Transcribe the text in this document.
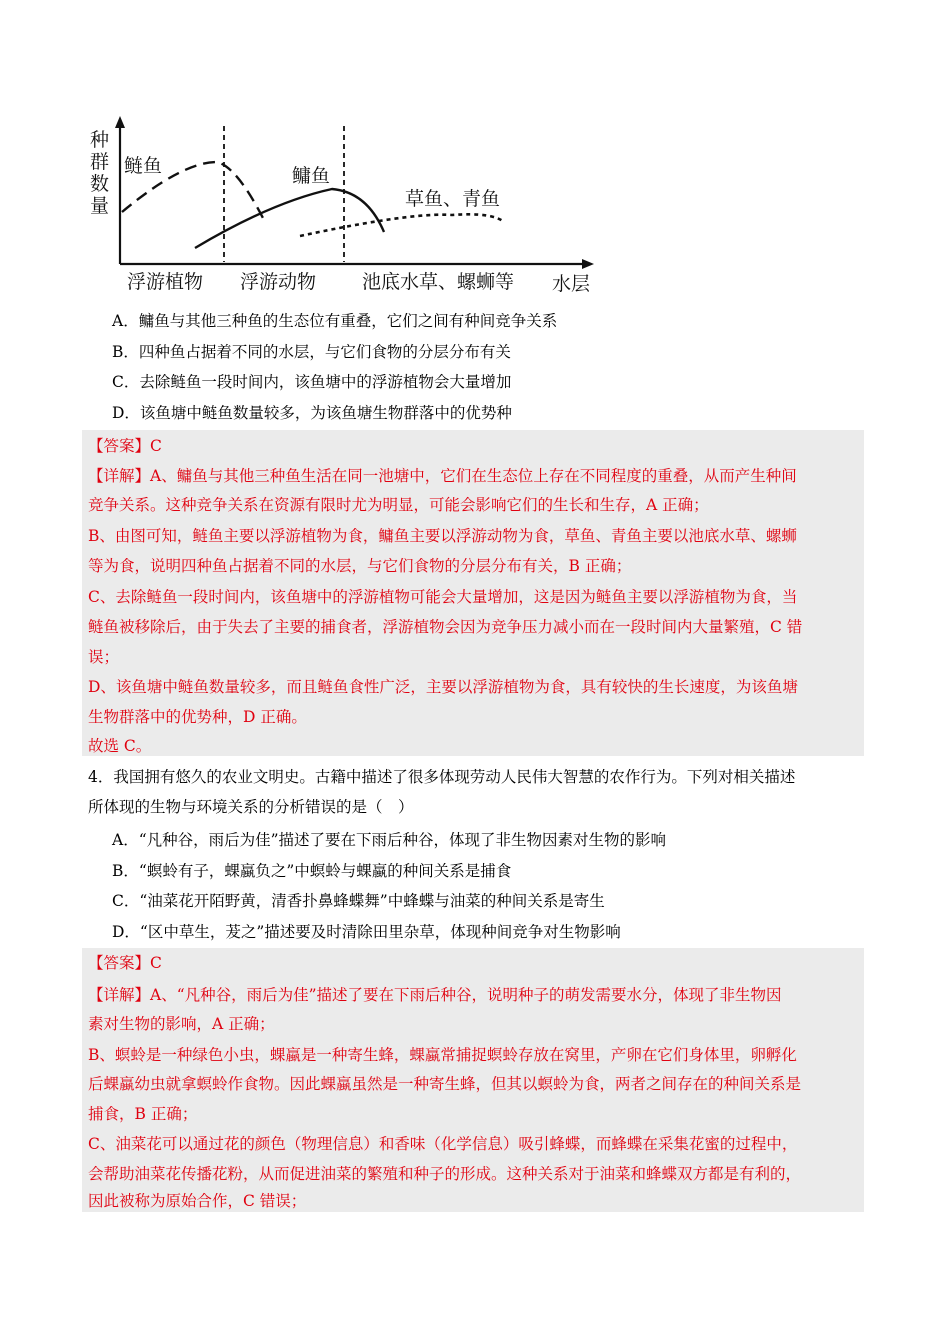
种
群
数
量
鲢鱼	鳙鱼
草鱼、青鱼
浮游植物 浮游动物 池底水草、螺蛳等 水层
A．鳙鱼与其他三种鱼的生态位有重叠，它们之间有种间竞争关系
B．四种鱼占据着不同的水层，与它们食物的分层分布有关
C．去除鲢鱼一段时间内，该鱼塘中的浮游植物会大量增加
D．该鱼塘中鲢鱼数量较多，为该鱼塘生物群落中的优势种
【答案】C
【详解】A、鳙鱼与其他三种鱼生活在同一池塘中，它们在生态位上存在不同程度的重叠，从而产生种间
竞争关系。这种竞争关系在资源有限时尤为明显，可能会影响它们的生长和生存，A 正确；
B、由图可知，鲢鱼主要以浮游植物为食，鳙鱼主要以浮游动物为食，草鱼、青鱼主要以池底水草、螺蛳
等为食，说明四种鱼占据着不同的水层，与它们食物的分层分布有关，B 正确；
C、去除鲢鱼一段时间内，该鱼塘中的浮游植物可能会大量增加，这是因为鲢鱼主要以浮游植物为食，当
鲢鱼被移除后，由于失去了主要的捕食者，浮游植物会因为竞争压力减小而在一段时间内大量繁殖，C 错
误；
D、该鱼塘中鲢鱼数量较多，而且鲢鱼食性广泛，主要以浮游植物为食，具有较快的生长速度，为该鱼塘
生物群落中的优势种，D 正确。
故选 C。
4．我国拥有悠久的农业文明史。古籍中描述了很多体现劳动人民伟大智慧的农作行为。下列对相关描述
所体现的生物与环境关系的分析错误的是（　）
A．“凡种谷，雨后为佳”描述了要在下雨后种谷，体现了非生物因素对生物的影响
B．“螟蛉有子，蜾蠃负之”中螟蛉与蜾蠃的种间关系是捕食
C．“油菜花开陌野黄，清香扑鼻蜂蝶舞”中蜂蝶与油菜的种间关系是寄生
D．“区中草生，茇之”描述要及时清除田里杂草，体现种间竞争对生物影响
【答案】C
【详解】A、“凡种谷，雨后为佳”描述了要在下雨后种谷，说明种子的萌发需要水分，体现了非生物因
素对生物的影响，A 正确；
B、螟蛉是一种绿色小虫，蜾蠃是一种寄生蜂，蜾蠃常捕捉螟蛉存放在窝里，产卵在它们身体里，卵孵化
后蜾蠃幼虫就拿螟蛉作食物。因此蜾蠃虽然是一种寄生蜂，但其以螟蛉为食，两者之间存在的种间关系是
捕食，B 正确；
C、油菜花可以通过花的颜色（物理信息）和香味（化学信息）吸引蜂蝶，而蜂蝶在采集花蜜的过程中，
会帮助油菜花传播花粉，从而促进油菜的繁殖和种子的形成。这种关系对于油菜和蜂蝶双方都是有利的，
因此被称为原始合作，C 错误；
